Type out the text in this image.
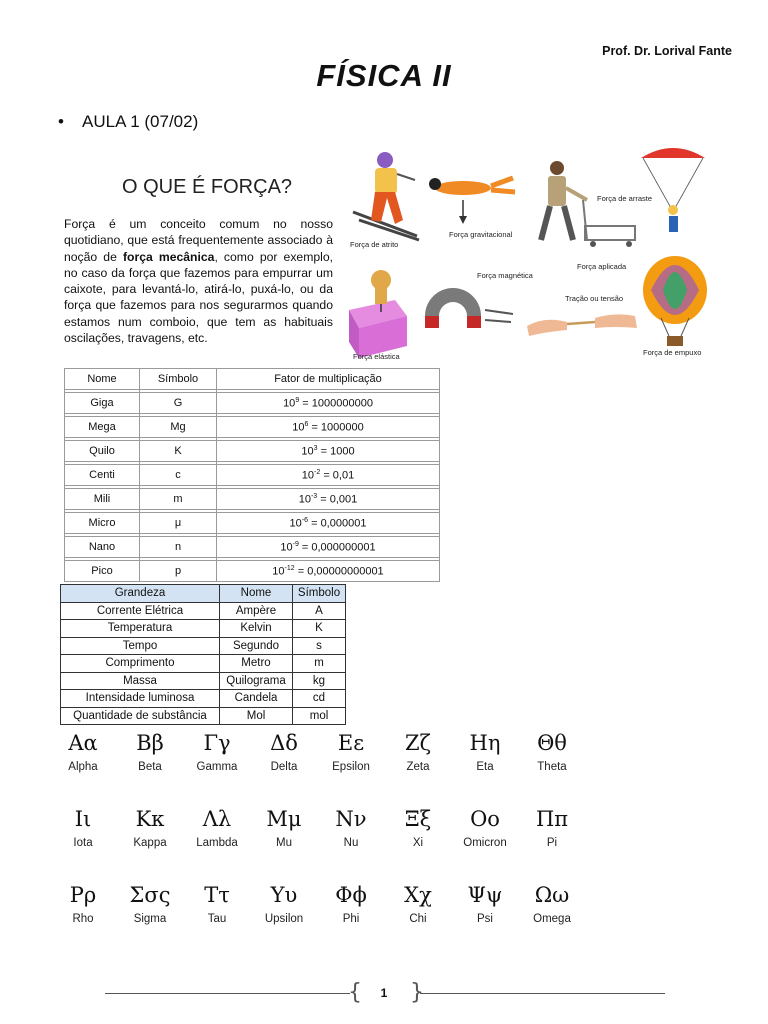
Prof. Dr. Lorival Fante
FÍSICA II
• AULA 1 (07/02)
O QUE É FORÇA?
Força é um conceito comum no nosso quotidiano, que está frequentemente associado à noção de força mecânica, como por exemplo, no caso da força que fazemos para empurrar um caixote, para levantá-lo, atirá-lo, puxá-lo, ou da força que fazemos para nos segurarmos quando estamos num comboio, que tem as habituais oscilações, travagens, etc.
Força de atrito
Força gravitacional
Força de arraste
Força aplicada
Força magnética
Tração ou tensão
Força elástica	Força de empuxo
Nome	Símbolo	Fator de multiplicação

Giga	G	$10^9 = 1000000000$

Mega	Mg	$10^6 = 1000000$

Quilo	K	$10^3 = 1000$

Centi	c	$10^{-2} = 0,01$

Mili	m	$10^{-3} = 0,001$

Micro	μ	$10^{-6} = 0,000001$

Nano	n	$10^{-9} = 0,000000001$

Pico	p	$10^{-12} = 0,00000000001$
Grandeza	Nome	Símbolo
Corrente Elétrica	Ampère	A
Temperatura	Kelvin	K
Tempo	Segundo	s
Comprimento	Metro	m
Massa	Quilograma	kg
Intensidade luminosa	Candela	cd
Quantidade de substância	Mol	mol
Αα
Alpha
Ββ
Beta
Γγ
Gamma
Δδ
Delta
Εε
Epsilon
Ζζ
Zeta
Ηη
Eta
Θθ
Theta
Ιι
Iota
Κκ
Kappa
Λλ
Lambda
Μμ
Mu
Νν
Nu
Ξξ
Xi
Οο
Omicron
Ππ
Pi
Ρρ
Rho
Σσς
Sigma
Ττ
Tau
Υυ
Upsilon
Φϕ
Phi
Χχ
Chi
Ψψ
Psi
Ωω
Omega
{ }
1
